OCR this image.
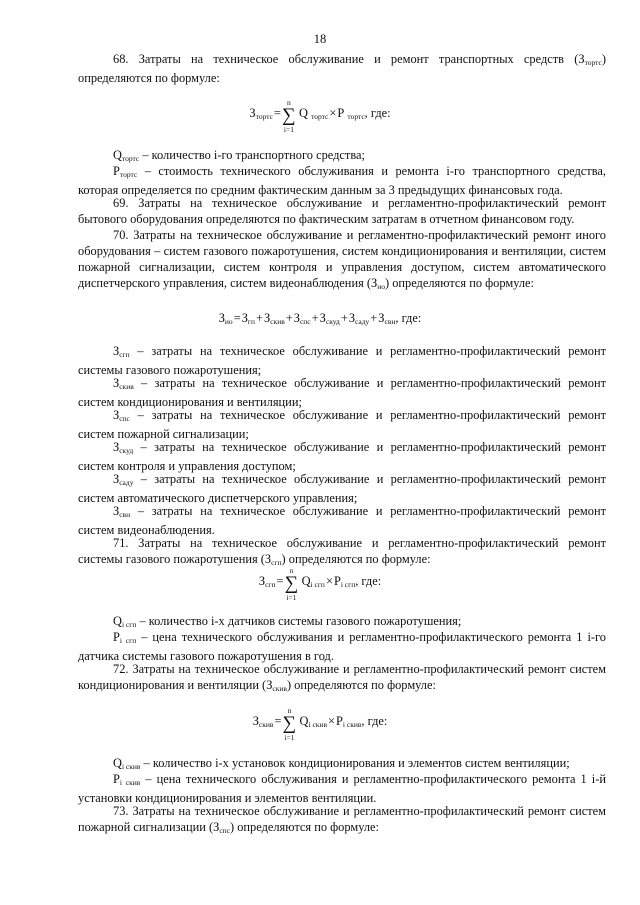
18
68. Затраты на техническое обслуживание и ремонт транспортных средств $(З_{тортс})$ определяются по формуле:
$З_{тортс}=$
n
∑
i=1
Q $_{тортс}$×Р $_{тортс}$, где:
$Q_{тортс}$ – количество i-го транспортного средства;
$Р_{тортс}$ – стоимость технического обслуживания и ремонта i-го транспортного средства, которая определяется по средним фактическим данным за 3 предыдущих финансовых года.
69. Затраты на техническое обслуживание и регламентно-профилактический ремонт бытового оборудования определяются по фактическим затратам в отчетном финансовом году.
70. Затраты на техническое обслуживание и регламентно-профилактический ремонт иного оборудования – систем газового пожаротушения, систем кондиционирования и вентиляции, систем пожарной сигнализации, систем контроля и управления доступом, систем автоматического диспетчерского управления, систем видеонаблюдения $(З_{ио})$ определяются по формуле:
$З_{ио}=З_{гп}+З_{скив}+З_{спс}+З_{скуд}+З_{сaду}+З_{свн}$, где:
$З_{сгп}$ – затраты на техническое обслуживание и регламентно-профилактический ремонт системы газового пожаротушения;
$З_{скив}$ – затраты на техническое обслуживание и регламентно-профилактический ремонт систем кондиционирования и вентиляции;
$З_{спс}$ – затраты на техническое обслуживание и регламентно-профилактический ремонт систем пожарной сигнализации;
$З_{скуд}$ – затраты на техническое обслуживание и регламентно-профилактический ремонт систем контроля и управления доступом;
$З_{сaду}$ – затраты на техническое обслуживание и регламентно-профилактический ремонт систем автоматического диспетчерского управления;
$З_{свн}$ – затраты на техническое обслуживание и регламентно-профилактический ремонт систем видеонаблюдения.
71. Затраты на техническое обслуживание и регламентно-профилактический ремонт системы газового пожаротушения $(З_{сгп})$ определяются по формуле:
$З_{сгп}=$
n
∑
i=1
$Q_{i сгп}\times Р_{i сгп}$, где:
$Q_{i сгп}$ – количество i-х датчиков системы газового пожаротушения;
$Р_{i сгп}$ – цена технического обслуживания и регламентно-профилактического ремонта 1 i-го датчика системы газового пожаротушения в год.
72. Затраты на техническое обслуживание и регламентно-профилактический ремонт систем кондиционирования и вентиляции $(З_{скив})$ определяются по формуле:
$З_{скив}=$
n
∑
i=1
$Q_{i скив}\times Р_{i скив}$, где:
$Q_{i скив}$ – количество i-х установок кондиционирования и элементов систем вентиляции;
$Р_{i скив}$ – цена технического обслуживания и регламентно-профилактического ремонта 1 i-й установки кондиционирования и элементов вентиляции.
73. Затраты на техническое обслуживание и регламентно-профилактический ремонт систем пожарной сигнализации $(З_{спс})$ определяются по формуле:
